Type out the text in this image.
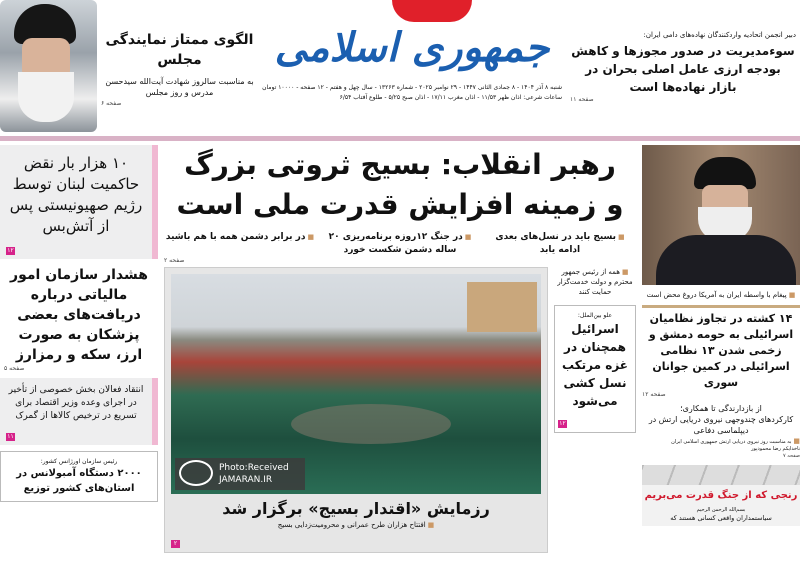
الگوی ممتاز نمایندگی مجلس
به مناسبت سالروز شهادت آیت‌الله سیدحسن مدرس و روز مجلس
صفحه ۶
جمهوری اسلامی
شنبه ۸ آذر ۱۴۰۴ - ۸ جمادی الثانی ۱۴۴۷ - ۲۹ نوامبر ۲۰۲۵ - شماره ۱۳۲۶۳ - سال چهل و هفتم - ۱۲ صفحه - ۱۰۰۰۰ تومان
ساعات شرعی: اذان ظهر ۱۱/۵۳ - اذان مغرب ۱۷/۱۱ - اذان صبح ۵/۲۵ - طلوع آفتاب ۶/۵۴
دبیر انجمن اتحادیه واردکنندگان نهاده‌های دامی ایران:
سوءمدیریت در صدور مجوزها و کاهش بودجه ارزی عامل اصلی بحران در بازار نهاده‌ها است
صفحه ۱۱
۱۰ هزار بار نقض حاکمیت لبنان توسط رژیم صهیونیستی پس از آتش‌بس
۱۲
هشدار سازمان امور مالیاتی درباره دریافت‌های بعضی پزشکان به صورت ارز، سکه و رمزارز
صفحه ۵
انتقاد فعالان بخش خصوصی از تأخیر در اجرای وعده وزیر اقتصاد برای تسریع در ترخیص کالاها از گمرک
۱۱
رئیس سازمان اورژانس کشور:
۲۰۰۰ دستگاه آمبولانس در استان‌های کشور توزیع
رهبر انقلاب: بسیج ثروتی بزرگ
و زمینه افزایش قدرت ملی است
■ بسیج باید در نسل‌های بعدی ادامه یابد
■ در جنگ ۱۲روزه برنامه‌ریزی ۲۰ ساله دشمن شکست خورد
■ در برابر دشمن همه با هم باشید
صفحه ۲
Photo:Received
JAMARAN.IR
رزمایش «اقتدار بسیج» برگزار شد
■ افتتاح هزاران طرح عمرانی و محرومیت‌زدایی بسیج
۲
■ همه از رئیس جمهور محترم و دولت خدمت‌گزار حمایت کنند
علو بین‌الملل:
اسرائیل همچنان در غزه مرتکب نسل کشی می‌شود
۱۲
■ پیغام با واسطه ایران به آمریکا دروغ محض است
۱۴ کشته در تجاوز نظامیان اسرائیلی به حومه دمشق و زخمی شدن ۱۳ نظامی اسرائیلی در کمین جوانان سوری
صفحه ۱۲
از بازدارندگی تا همکاری؛
کارکردهای چندوجهی نیروی دریایی ارتش در دیپلماسی دفاعی
■ به مناسبت روز نیروی دریایی ارتش جمهوری اسلامی ایران
ناخدایکم رضا محمودپور
صفحه ۷
رنجی که از جنگ قدرت می‌بریم
بسم‌الله الرحمن الرحیم
سیاستمداران واقعی کسانی هستند که
